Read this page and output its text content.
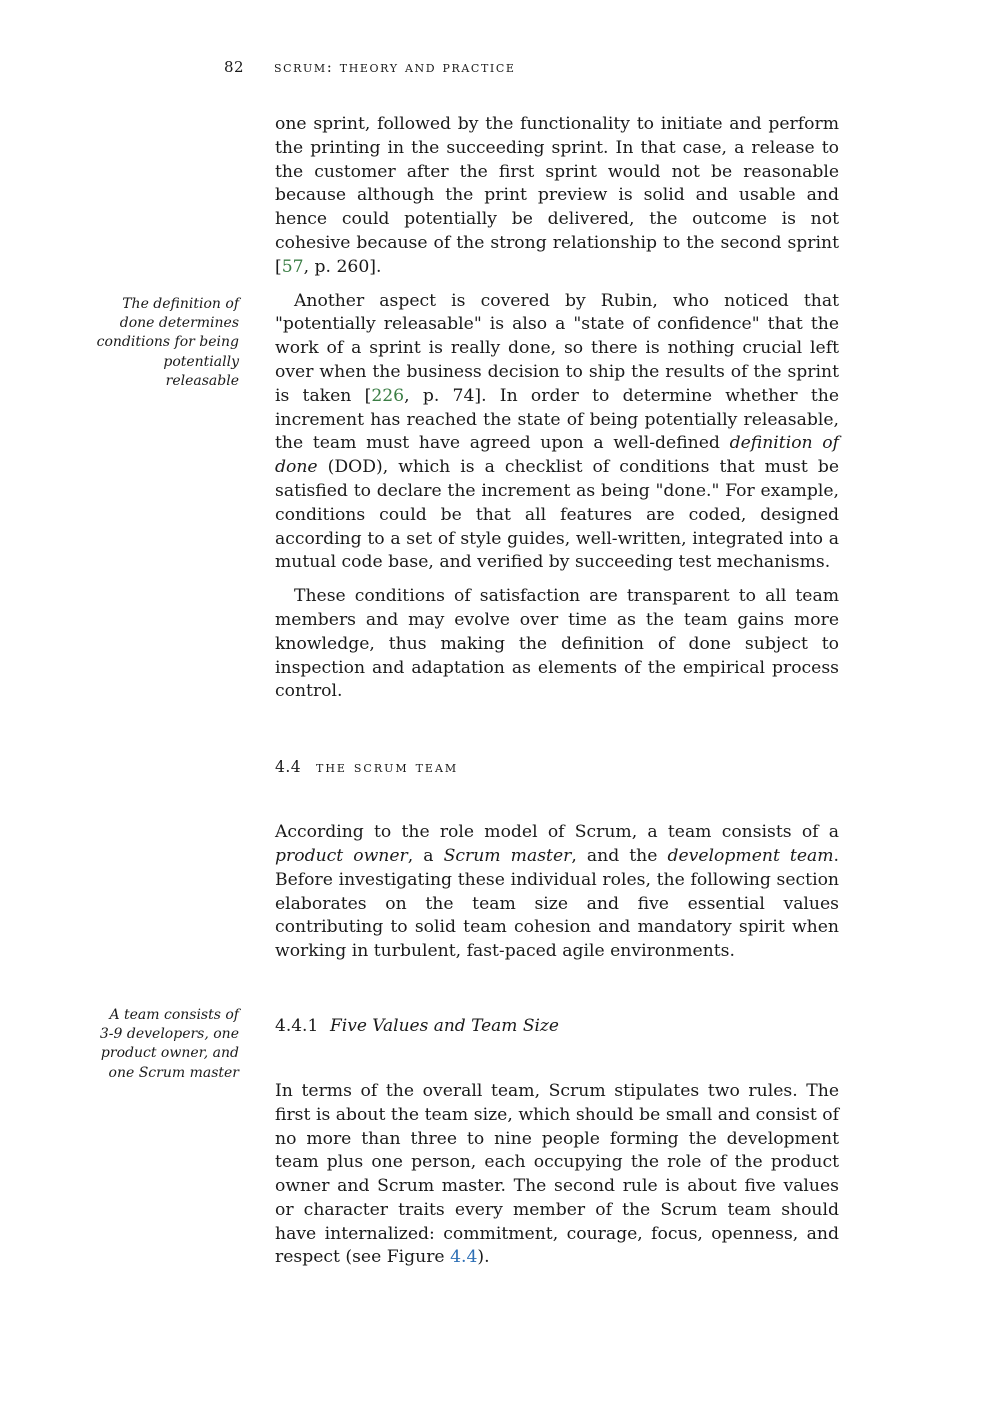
82 scrum: theory and practice
The definition of
done determines
conditions for being
potentially releasable
A team consists of
3-9 developers, one
product owner, and
one Scrum master

one sprint, followed by the functionality to initiate and perform the printing in the succeeding sprint. In that case, a release to the customer after the first sprint would not be reasonable because although the print preview is solid and usable and hence could potentially be delivered, the outcome is not cohesive because of the strong relationship to the second sprint [57, p. 260].

Another aspect is covered by Rubin, who noticed that "potentially releasable" is also a "state of confidence" that the work of a sprint is really done, so there is nothing crucial left over when the business decision to ship the results of the sprint is taken [226, p. 74]. In order to determine whether the increment has reached the state of being potentially releasable, the team must have agreed upon a well-defined definition of done (DOD), which is a checklist of conditions that must be satisfied to declare the increment as being "done." For example, conditions could be that all features are coded, designed according to a set of style guides, well-written, integrated into a mutual code base, and verified by succeeding test mechanisms.

These conditions of satisfaction are transparent to all team members and may evolve over time as the team gains more knowledge, thus making the definition of done subject to inspection and adaptation as elements of the empirical process control.

4.4 the scrum team

According to the role model of Scrum, a team consists of a product owner, a Scrum master, and the development team. Before investigating these individual roles, the following section elaborates on the team size and five essential values contributing to solid team cohesion and mandatory spirit when working in turbulent, fast-paced agile environments.

4.4.1 Five Values and Team Size

In terms of the overall team, Scrum stipulates two rules. The first is about the team size, which should be small and consist of no more than three to nine people forming the development team plus one person, each occupying the role of the product owner and Scrum master. The second rule is about five values or character traits every member of the Scrum team should have internalized: commitment, courage, focus, openness, and respect (see Figure 4.4).
